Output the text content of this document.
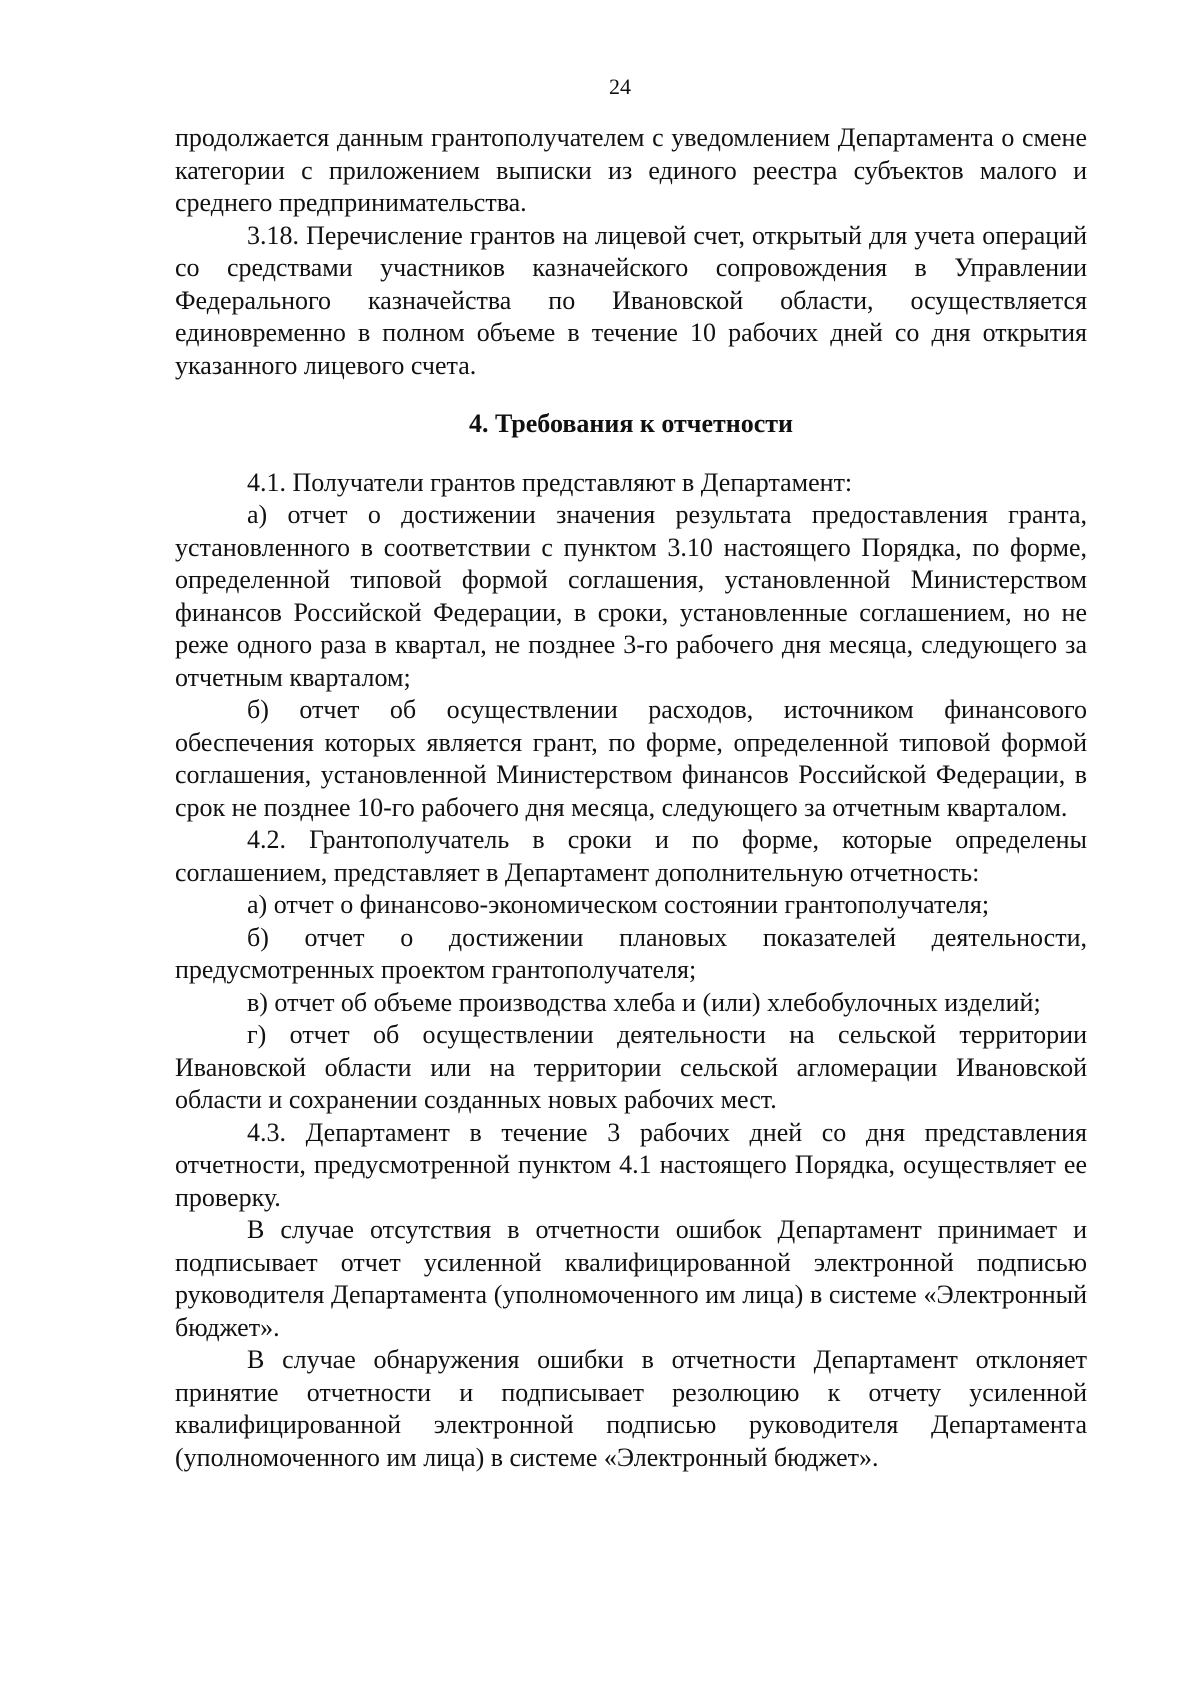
24

продолжается данным грантополучателем с уведомлением Департамента о смене категории с приложением выписки из единого реестра субъектов малого и среднего предпринимательства.

3.18. Перечисление грантов на лицевой счет, открытый для учета операций со средствами участников казначейского сопровождения в Управлении Федерального казначейства по Ивановской области, осуществляется единовременно в полном объеме в течение 10 рабочих дней со дня открытия указанного лицевого счета.

4. Требования к отчетности

4.1. Получатели грантов представляют в Департамент:

а) отчет о достижении значения результата предоставления гранта, установленного в соответствии с пунктом 3.10 настоящего Порядка, по форме, определенной типовой формой соглашения, установленной Министерством финансов Российской Федерации, в сроки, установленные соглашением, но не реже одного раза в квартал, не позднее 3-го рабочего дня месяца, следующего за отчетным кварталом;

б) отчет об осуществлении расходов, источником финансового обеспечения которых является грант, по форме, определенной типовой формой соглашения, установленной Министерством финансов Российской Федерации, в срок не позднее 10-го рабочего дня месяца, следующего за отчетным кварталом.

4.2. Грантополучатель в сроки и по форме, которые определены соглашением, представляет в Департамент дополнительную отчетность:

а) отчет о финансово-экономическом состоянии грантополучателя;

б) отчет о достижении плановых показателей деятельности, предусмотренных проектом грантополучателя;

в) отчет об объеме производства хлеба и (или) хлебобулочных изделий;

г) отчет об осуществлении деятельности на сельской территории Ивановской области или на территории сельской агломерации Ивановской области и сохранении созданных новых рабочих мест.

4.3. Департамент в течение 3 рабочих дней со дня представления отчетности, предусмотренной пунктом 4.1 настоящего Порядка, осуществляет ее проверку.

В случае отсутствия в отчетности ошибок Департамент принимает и подписывает отчет усиленной квалифицированной электронной подписью руководителя Департамента (уполномоченного им лица) в системе «Электронный бюджет».

В случае обнаружения ошибки в отчетности Департамент отклоняет принятие отчетности и подписывает резолюцию к отчету усиленной квалифицированной электронной подписью руководителя Департамента (уполномоченного им лица) в системе «Электронный бюджет».
